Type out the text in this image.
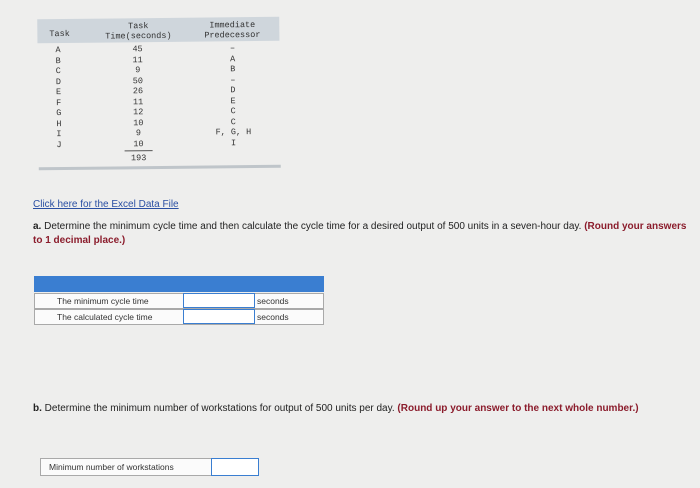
Task
Task
Time(seconds)
Immediate
Predecessor
A
B
C
D
E
F
G
H
I
J
45
11
9
50
26
11
12
10
9
10
–
A
B
–
D
E
C
C
F, G, H
I
193
Click here for the Excel Data File
a. Determine the minimum cycle time and then calculate the cycle time for a desired output of 500 units in a seven-hour day. (Round your answers to 1 decimal place.)
The minimum cycle time	seconds
The calculated cycle time	seconds
b. Determine the minimum number of workstations for output of 500 units per day. (Round up your answer to the next whole number.)
Minimum number of workstations
